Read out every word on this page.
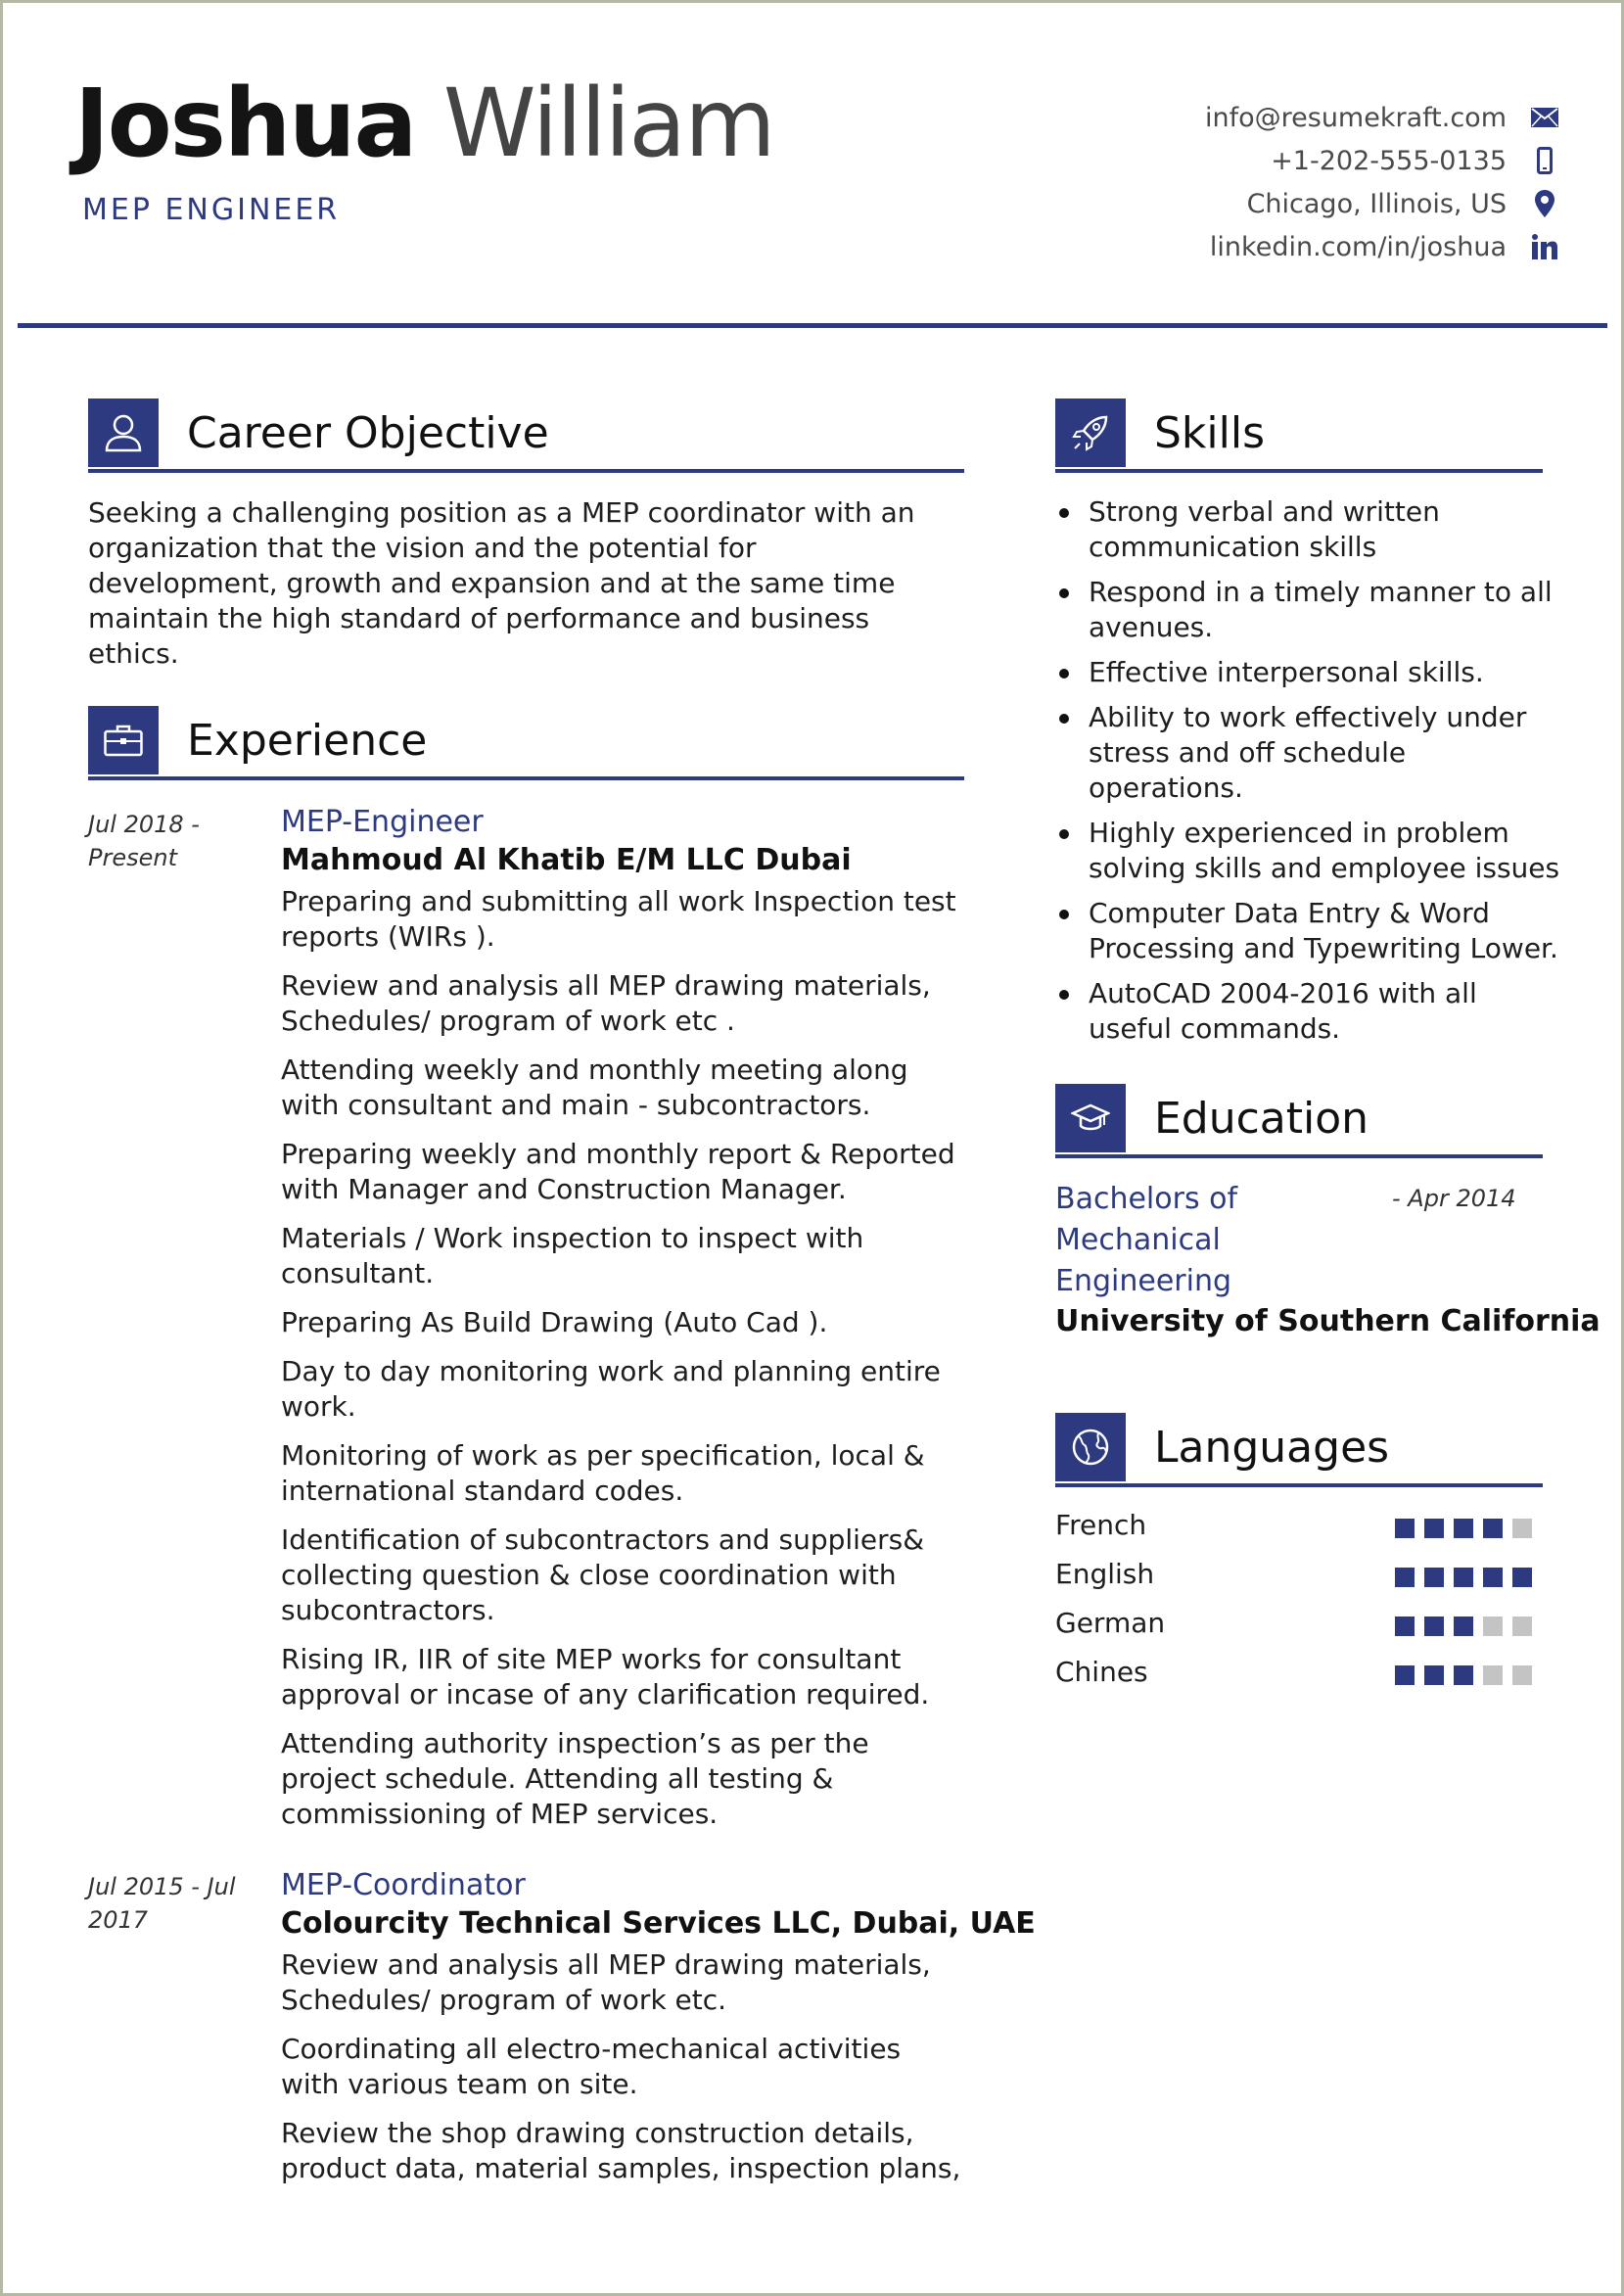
Joshua William
MEP ENGINEER
info@resumekraft.com
+1-202-555-0135
Chicago, Illinois, US
linkedin.com/in/joshua
Career Objective
Seeking a challenging position as a MEP coordinator with an organization that the vision and the potential for development, growth and expansion and at the same time maintain the high standard of performance and business ethics.
Experience
Jul 2018 - Present
MEP-Engineer
Mahmoud Al Khatib E/M LLC Dubai
Preparing and submitting all work Inspection test reports (WIRs ).
Review and analysis all MEP drawing materials, Schedules/ program of work etc .
Attending weekly and monthly meeting along with consultant and main - subcontractors.
Preparing weekly and monthly report & Reported with Manager and Construction Manager.
Materials / Work inspection to inspect with consultant.
Preparing As Build Drawing (Auto Cad ).
Day to day monitoring work and planning entire work.
Monitoring of work as per specification, local & international standard codes.
Identification of subcontractors and suppliers& collecting question & close coordination with subcontractors.
Rising IR, IIR of site MEP works for consultant approval or incase of any clarification required.
Attending authority inspection’s as per the project schedule. Attending all testing & commissioning of MEP services.
Jul 2015 - Jul 2017
MEP-Coordinator
Colourcity Technical Services LLC, Dubai, UAE
Review and analysis all MEP drawing materials, Schedules/ program of work etc.
Coordinating all electro-mechanical activities with various team on site.
Review the shop drawing construction details, product data, material samples, inspection plans,
Skills
Strong verbal and written communication skills
Respond in a timely manner to all avenues.
Effective interpersonal skills.
Ability to work effectively under stress and off schedule operations.
Highly experienced in problem solving skills and employee issues
Computer Data Entry & Word Processing and Typewriting Lower.
AutoCAD 2004-2016 with all useful commands.
Education
Bachelors of Mechanical Engineering
- Apr 2014
University of Southern California
Languages
French
English
German
Chines
